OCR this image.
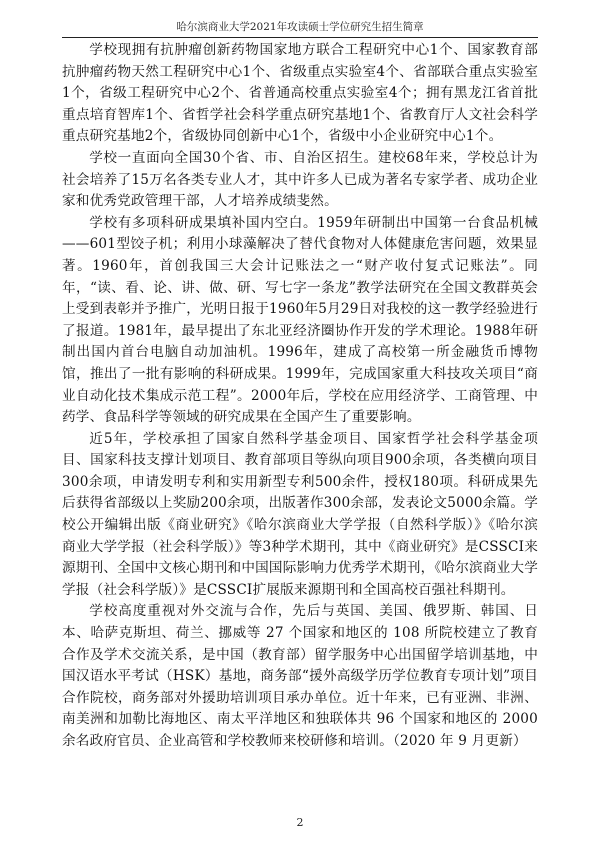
哈尔滨商业大学2021年攻读硕士学位研究生招生简章

学校现拥有抗肿瘤创新药物国家地方联合工程研究中心1个、国家教育部抗肿瘤药物天然工程研究中心1个、省级重点实验室4个、省部联合重点实验室1个，省级工程研究中心2个、省普通高校重点实验室4个；拥有黑龙江省首批重点培育智库1个、省哲学社会科学重点研究基地1个、省教育厅人文社会科学重点研究基地2个，省级协同创新中心1个，省级中小企业研究中心1个。

学校一直面向全国30个省、市、自治区招生。建校68年来，学校总计为社会培养了15万名各类专业人才，其中许多人已成为著名专家学者、成功企业家和优秀党政管理干部，人才培养成绩斐然。

学校有多项科研成果填补国内空白。1959年研制出中国第一台食品机械——601型饺子机；利用小球藻解决了替代食物对人体健康危害问题，效果显著。1960年，首创我国三大会计记账法之一“财产收付复式记账法”。同年，“读、看、论、讲、做、研、写七字一条龙”教学法研究在全国文教群英会上受到表彰并予推广，光明日报于1960年5月29日对我校的这一教学经验进行了报道。1981年，最早提出了东北亚经济圈协作开发的学术理论。1988年研制出国内首台电脑自动加油机。1996年，建成了高校第一所金融货币博物馆，推出了一批有影响的科研成果。1999年，完成国家重大科技攻关项目“商业自动化技术集成示范工程”。2000年后，学校在应用经济学、工商管理、中药学、食品科学等领域的研究成果在全国产生了重要影响。

近5年，学校承担了国家自然科学基金项目、国家哲学社会科学基金项目、国家科技支撑计划项目、教育部项目等纵向项目900余项，各类横向项目300余项，申请发明专利和实用新型专利500余件，授权180项。科研成果先后获得省部级以上奖励200余项，出版著作300余部，发表论文5000余篇。学校公开编辑出版《商业研究》《哈尔滨商业大学学报（自然科学版）》《哈尔滨商业大学学报（社会科学版）》等3种学术期刊，其中《商业研究》是CSSCI来源期刊、全国中文核心期刊和中国国际影响力优秀学术期刊，《哈尔滨商业大学学报（社会科学版）》是CSSCI扩展版来源期刊和全国高校百强社科期刊。

学校高度重视对外交流与合作，先后与英国、美国、俄罗斯、韩国、日本、哈萨克斯坦、荷兰、挪威等 27 个国家和地区的 108 所院校建立了教育合作及学术交流关系，是中国（教育部）留学服务中心出国留学培训基地，中国汉语水平考试（HSK）基地，商务部“援外高级学历学位教育专项计划”项目合作院校，商务部对外援助培训项目承办单位。近十年来，已有亚洲、非洲、南美洲和加勒比海地区、南太平洋地区和独联体共 96 个国家和地区的 2000 余名政府官员、企业高管和学校教师来校研修和培训。（2020 年 9 月更新）

2
